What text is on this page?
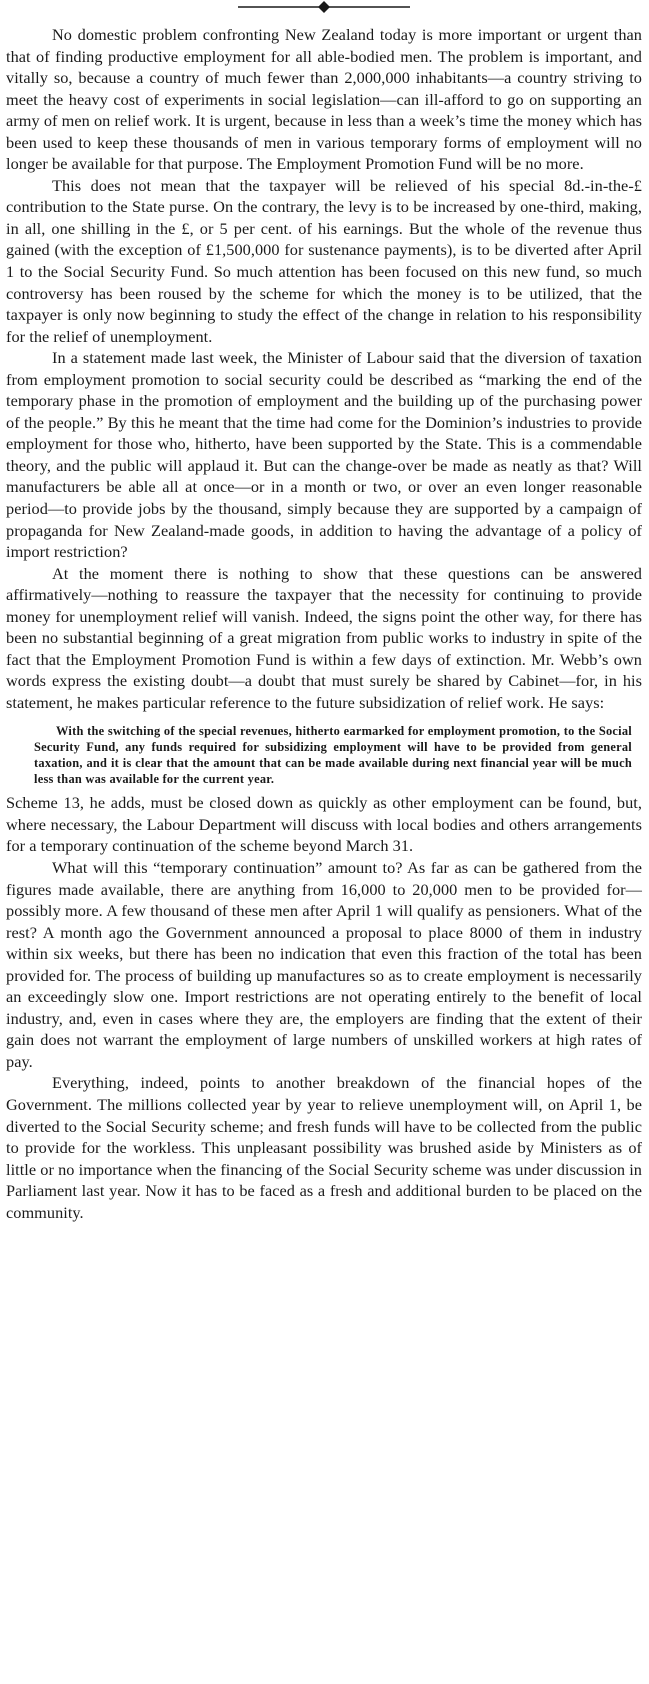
No domestic problem confronting New Zealand today is more important or urgent than that of finding productive employment for all able-bodied men. The problem is important, and vitally so, because a country of much fewer than 2,000,000 inhabitants—a country striving to meet the heavy cost of experiments in social legislation—can ill-afford to go on supporting an army of men on relief work. It is urgent, because in less than a week’s time the money which has been used to keep these thousands of men in various temporary forms of employment will no longer be available for that purpose. The Employment Promotion Fund will be no more.

This does not mean that the taxpayer will be relieved of his special 8d.-in-the-£ contribution to the State purse. On the contrary, the levy is to be increased by one-third, making, in all, one shilling in the £, or 5 per cent. of his earnings. But the whole of the revenue thus gained (with the exception of £1,500,000 for sustenance payments), is to be diverted after April 1 to the Social Security Fund. So much attention has been focused on this new fund, so much controversy has been roused by the scheme for which the money is to be utilized, that the taxpayer is only now beginning to study the effect of the change in relation to his responsibility for the relief of unemployment.

In a statement made last week, the Minister of Labour said that the diversion of taxation from employment promotion to social security could be described as “marking the end of the temporary phase in the promotion of employment and the building up of the purchasing power of the people.” By this he meant that the time had come for the Dominion’s industries to provide employment for those who, hitherto, have been supported by the State. This is a commendable theory, and the public will applaud it. But can the change-over be made as neatly as that? Will manufacturers be able all at once—or in a month or two, or over an even longer reasonable period—to provide jobs by the thousand, simply because they are supported by a campaign of propaganda for New Zealand-made goods, in addition to having the advantage of a policy of import restriction?

At the moment there is nothing to show that these questions can be answered affirmatively—nothing to reassure the taxpayer that the necessity for continuing to provide money for unemployment relief will vanish. Indeed, the signs point the other way, for there has been no substantial beginning of a great migration from public works to industry in spite of the fact that the Employment Promotion Fund is within a few days of extinction. Mr. Webb’s own words express the existing doubt—a doubt that must surely be shared by Cabinet—for, in his statement, he makes particular reference to the future subsidization of relief work. He says:

With the switching of the special revenues, hitherto earmarked for employment promotion, to the Social Security Fund, any funds required for subsidizing employment will have to be provided from general taxation, and it is clear that the amount that can be made available during next financial year will be much less than was available for the current year.

Scheme 13, he adds, must be closed down as quickly as other employment can be found, but, where necessary, the Labour Department will discuss with local bodies and others arrangements for a temporary continuation of the scheme beyond March 31.

What will this “temporary continuation” amount to? As far as can be gathered from the figures made available, there are anything from 16,000 to 20,000 men to be provided for—possibly more. A few thousand of these men after April 1 will qualify as pensioners. What of the rest? A month ago the Government announced a proposal to place 8000 of them in industry within six weeks, but there has been no indication that even this fraction of the total has been provided for. The process of building up manufactures so as to create employment is necessarily an exceedingly slow one. Import restrictions are not operating entirely to the benefit of local industry, and, even in cases where they are, the employers are finding that the extent of their gain does not warrant the employment of large numbers of unskilled workers at high rates of pay.

Everything, indeed, points to another breakdown of the financial hopes of the Government. The millions collected year by year to relieve unemployment will, on April 1, be diverted to the Social Security scheme; and fresh funds will have to be collected from the public to provide for the workless. This unpleasant possibility was brushed aside by Ministers as of little or no importance when the financing of the Social Security scheme was under discussion in Parliament last year. Now it has to be faced as a fresh and additional burden to be placed on the community.
